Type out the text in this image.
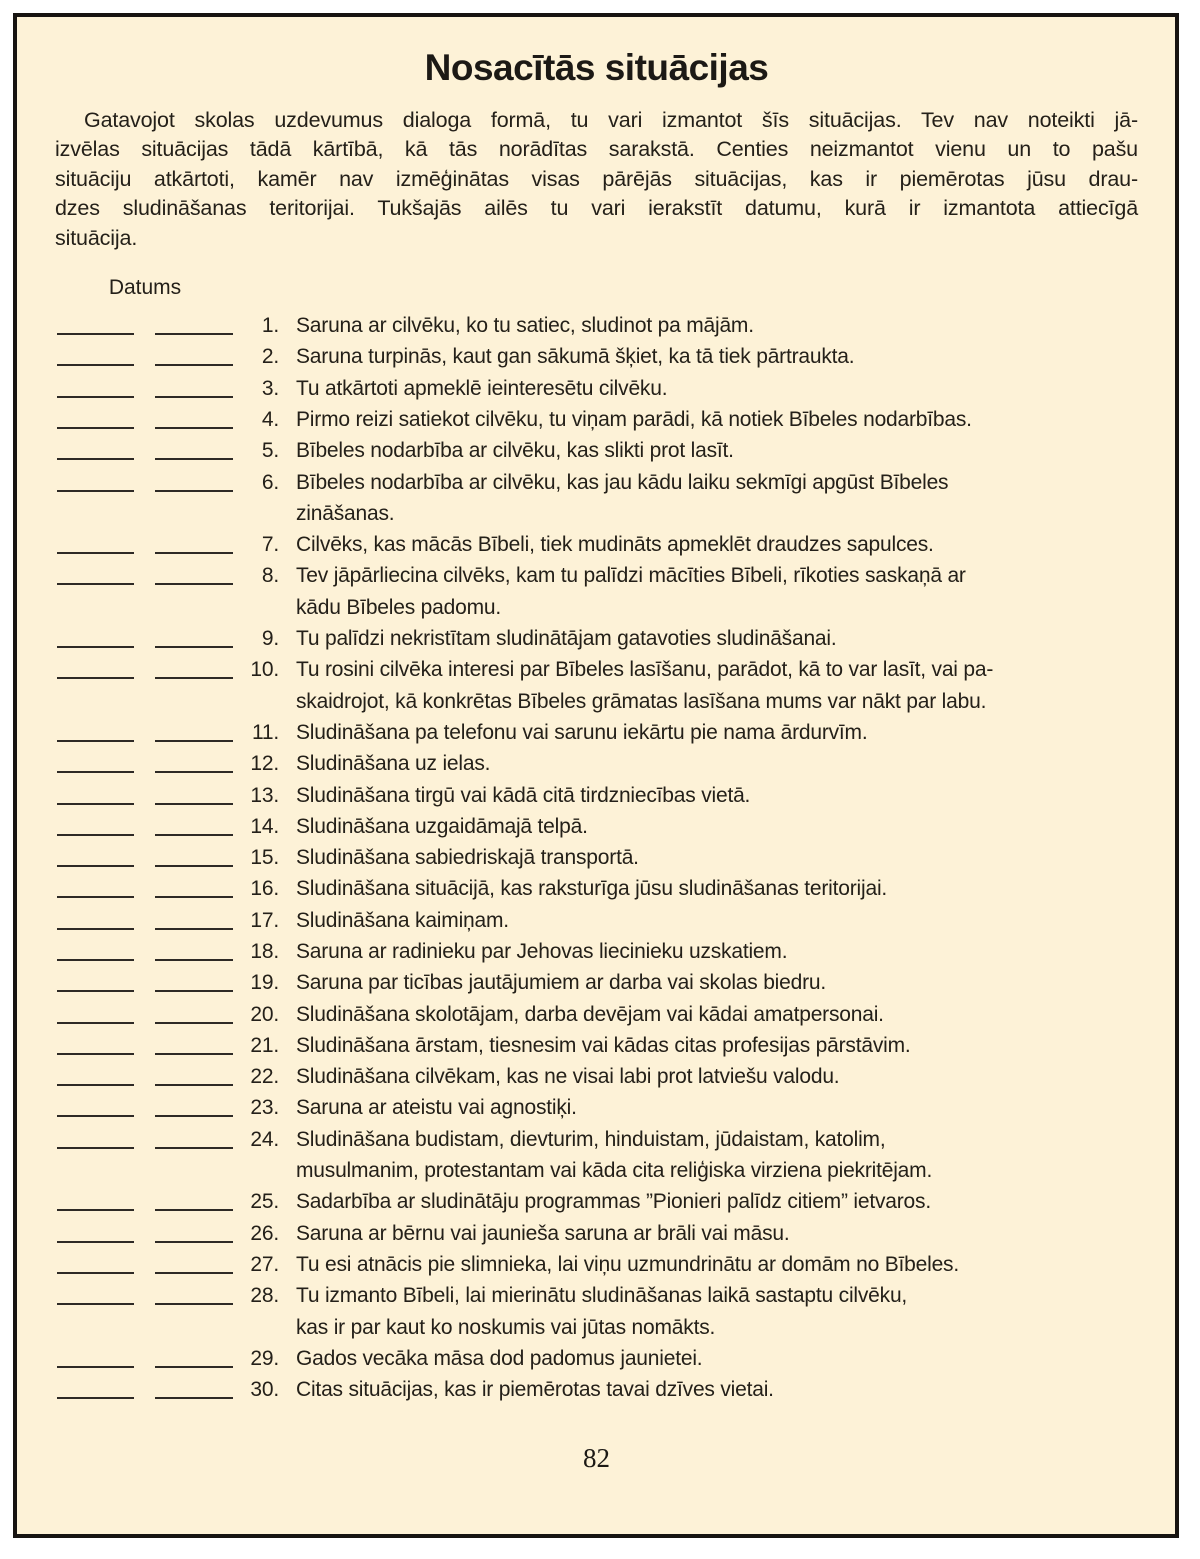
Nosacītās situācijas
Gatavojot skolas uzdevumus dialoga formā, tu vari izmantot šīs situācijas. Tev nav noteikti jā-
izvēlas situācijas tādā kārtībā, kā tās norādītas sarakstā. Centies neizmantot vienu un to pašu
situāciju atkārtoti, kamēr nav izmēģinātas visas pārējās situācijas, kas ir piemērotas jūsu drau-
dzes sludināšanas teritorijai. Tukšajās ailēs tu vari ierakstīt datumu, kurā ir izmantota attiecīgā
situācija.
Datums
1. Saruna ar cilvēku, ko tu satiec, sludinot pa mājām.
2. Saruna turpinās, kaut gan sākumā šķiet, ka tā tiek pārtraukta.
3. Tu atkārtoti apmeklē ieinteresētu cilvēku.
4. Pirmo reizi satiekot cilvēku, tu viņam parādi, kā notiek Bībeles nodarbības.
5. Bībeles nodarbība ar cilvēku, kas slikti prot lasīt.
6. Bībeles nodarbība ar cilvēku, kas jau kādu laiku sekmīgi apgūst Bībeles
zināšanas.
7. Cilvēks, kas mācās Bībeli, tiek mudināts apmeklēt draudzes sapulces.
8. Tev jāpārliecina cilvēks, kam tu palīdzi mācīties Bībeli, rīkoties saskaņā ar
kādu Bībeles padomu.
9. Tu palīdzi nekristītam sludinātājam gatavoties sludināšanai.
10. Tu rosini cilvēka interesi par Bībeles lasīšanu, parādot, kā to var lasīt, vai pa-
skaidrojot, kā konkrētas Bībeles grāmatas lasīšana mums var nākt par labu.
11. Sludināšana pa telefonu vai sarunu iekārtu pie nama ārdurvīm.
12. Sludināšana uz ielas.
13. Sludināšana tirgū vai kādā citā tirdzniecības vietā.
14. Sludināšana uzgaidāmajā telpā.
15. Sludināšana sabiedriskajā transportā.
16. Sludināšana situācijā, kas raksturīga jūsu sludināšanas teritorijai.
17. Sludināšana kaimiņam.
18. Saruna ar radinieku par Jehovas liecinieku uzskatiem.
19. Saruna par ticības jautājumiem ar darba vai skolas biedru.
20. Sludināšana skolotājam, darba devējam vai kādai amatpersonai.
21. Sludināšana ārstam, tiesnesim vai kādas citas profesijas pārstāvim.
22. Sludināšana cilvēkam, kas ne visai labi prot latviešu valodu.
23. Saruna ar ateistu vai agnostiķi.
24. Sludināšana budistam, dievturim, hinduistam, jūdaistam, katolim,
musulmanim, protestantam vai kāda cita reliģiska virziena piekritējam.
25. Sadarbība ar sludinātāju programmas ”Pionieri palīdz citiem” ietvaros.
26. Saruna ar bērnu vai jaunieša saruna ar brāli vai māsu.
27. Tu esi atnācis pie slimnieka, lai viņu uzmundrinātu ar domām no Bībeles.
28. Tu izmanto Bībeli, lai mierinātu sludināšanas laikā sastaptu cilvēku,
kas ir par kaut ko noskumis vai jūtas nomākts.
29. Gados vecāka māsa dod padomus jaunietei.
30. Citas situācijas, kas ir piemērotas tavai dzīves vietai.
82
